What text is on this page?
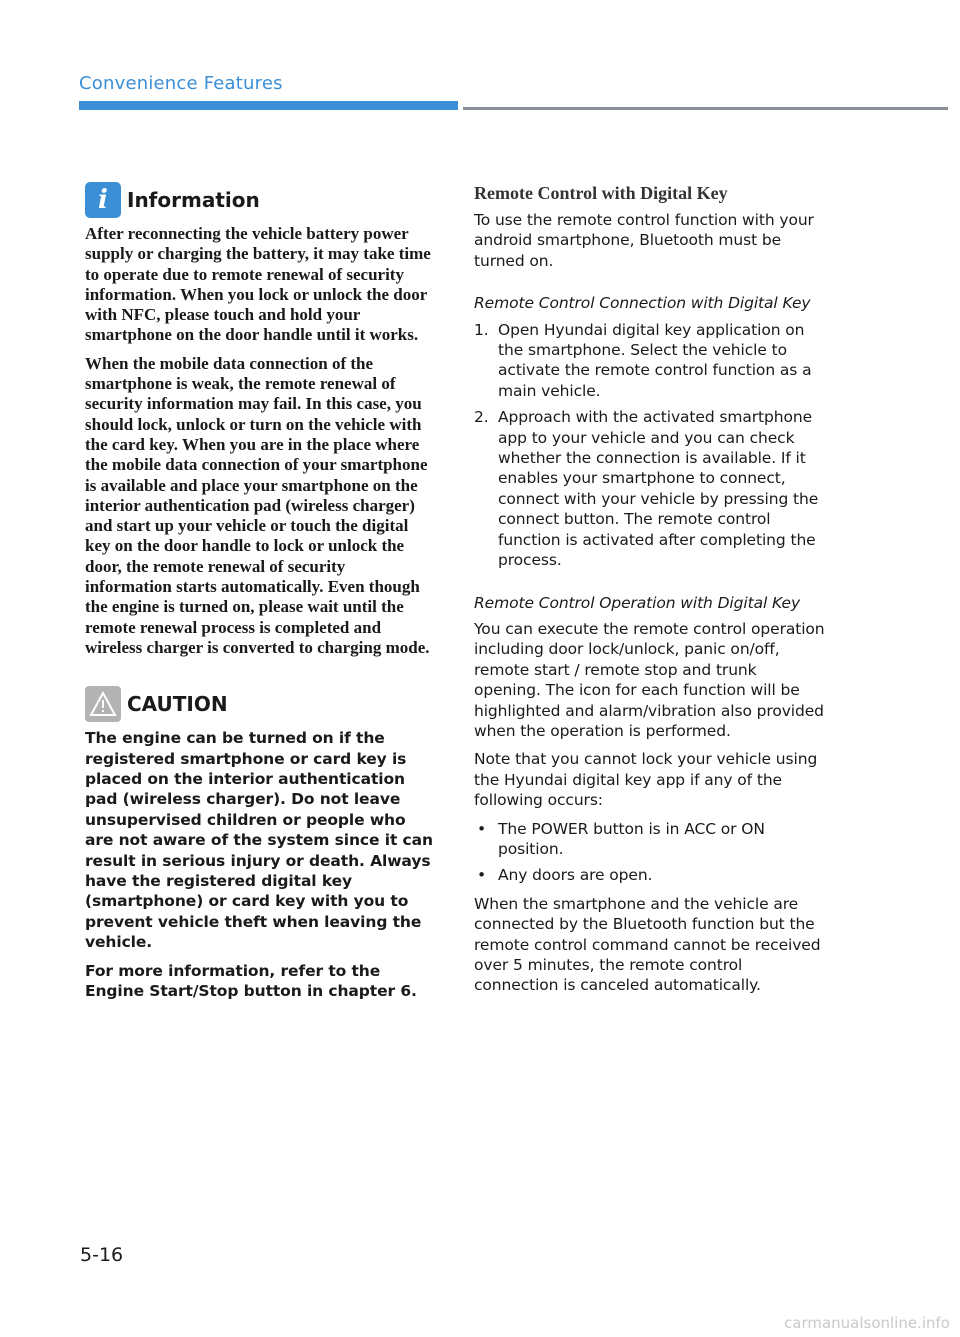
Convenience Features
i Information

After reconnecting the vehicle battery power supply or charging the battery, it may take time to operate due to remote renewal of security information. When you lock or unlock the door with NFC, please touch and hold your smartphone on the door handle until it works.

When the mobile data connection of the smartphone is weak, the remote renewal of security information may fail. In this case, you should lock, unlock or turn on the vehicle with the card key. When you are in the place where the mobile data connection of your smartphone is available and place your smartphone on the interior authentication pad (wireless charger) and start up your vehicle or touch the digital key on the door handle to lock or unlock the door, the remote renewal of security information starts automatically. Even though the engine is turned on, please wait until the remote renewal process is completed and wireless charger is converted to charging mode.

CAUTION

The engine can be turned on if the registered smartphone or card key is placed on the interior authentication pad (wireless charger). Do not leave unsupervised children or people who are not aware of the system since it can result in serious injury or death. Always have the registered digital key (smartphone) or card key with you to prevent vehicle theft when leaving the vehicle.

For more information, refer to the Engine Start/Stop button in chapter 6.

Remote Control with Digital Key

To use the remote control function with your android smartphone, Bluetooth must be turned on.

Remote Control Connection with Digital Key

1. Open Hyundai digital key application on the smartphone. Select the vehicle to activate the remote control function as a main vehicle.
2. Approach with the activated smartphone app to your vehicle and you can check whether the connection is available. If it enables your smartphone to connect, connect with your vehicle by pressing the connect button. The remote control function is activated after completing the process.

Remote Control Operation with Digital Key

You can execute the remote control operation including door lock/unlock, panic on/off, remote start / remote stop and trunk opening. The icon for each function will be highlighted and alarm/vibration also provided when the operation is performed.

Note that you cannot lock your vehicle using the Hyundai digital key app if any of the following occurs:

• The POWER button is in ACC or ON position.
• Any doors are open.

When the smartphone and the vehicle are connected by the Bluetooth function but the remote control command cannot be received over 5 minutes, the remote control connection is canceled automatically.

5-16
carmanualsonline.info
